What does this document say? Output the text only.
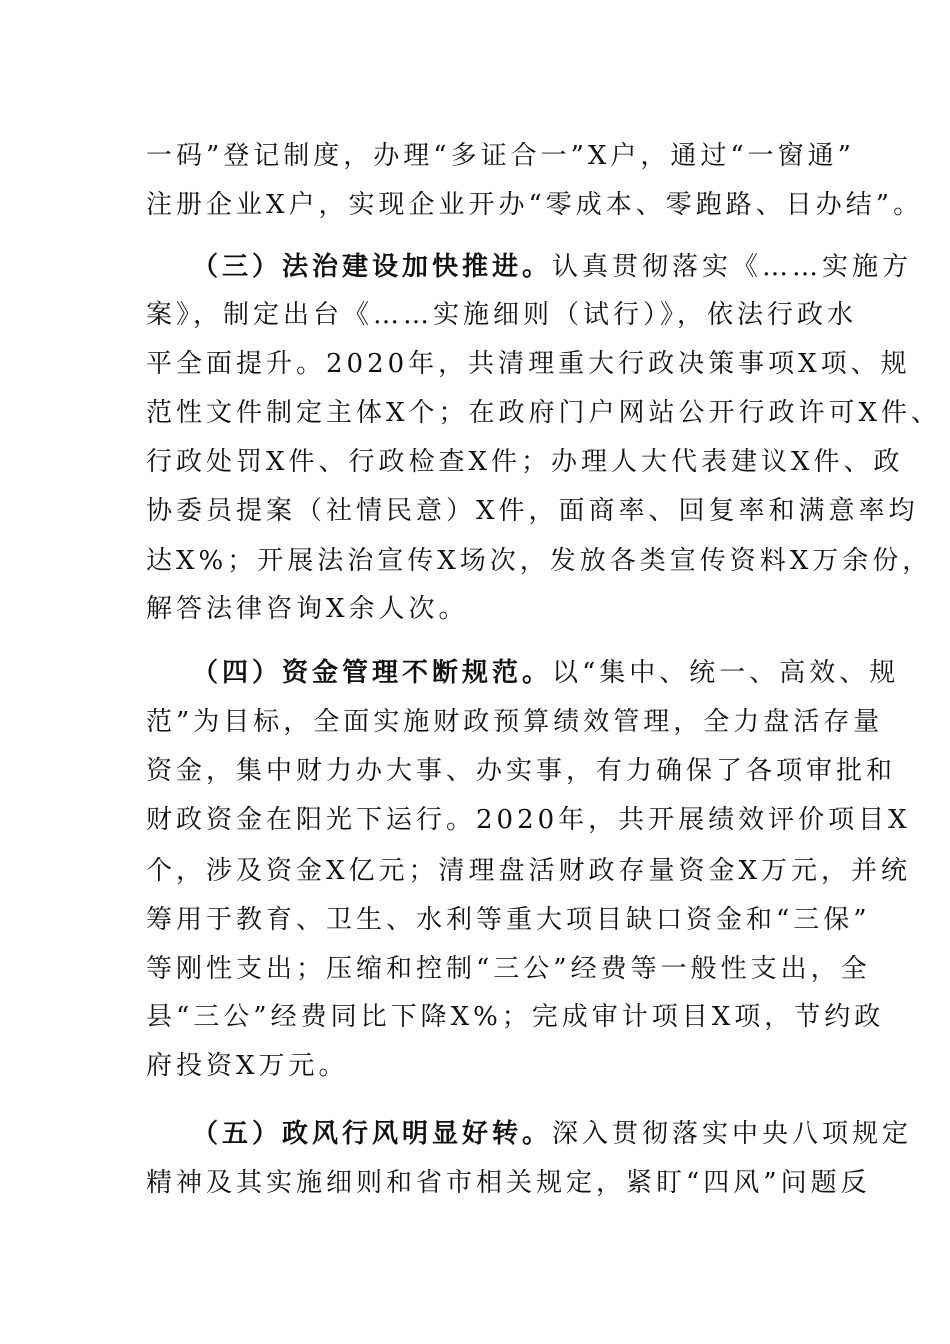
一码”登记制度，办理“多证合一”X户，通过“一窗通”
注册企业X户，实现企业开办“零成本、零跑路、日办结”。
（三）法治建设加快推进。认真贯彻落实《……实施方
案》，制定出台《……实施细则（试行）》，依法行政水
平全面提升。2020年，共清理重大行政决策事项X项、规
范性文件制定主体X个；在政府门户网站公开行政许可X件、
行政处罚X件、行政检查X件；办理人大代表建议X件、政
协委员提案（社情民意）X件，面商率、回复率和满意率均
达X%；开展法治宣传X场次，发放各类宣传资料X万余份，
解答法律咨询X余人次。
（四）资金管理不断规范。以“集中、统一、高效、规
范”为目标，全面实施财政预算绩效管理，全力盘活存量
资金，集中财力办大事、办实事，有力确保了各项审批和
财政资金在阳光下运行。2020年，共开展绩效评价项目X
个，涉及资金X亿元；清理盘活财政存量资金X万元，并统
筹用于教育、卫生、水利等重大项目缺口资金和“三保”
等刚性支出；压缩和控制“三公”经费等一般性支出，全
县“三公”经费同比下降X%；完成审计项目X项，节约政
府投资X万元。
（五）政风行风明显好转。深入贯彻落实中央八项规定
精神及其实施细则和省市相关规定，紧盯“四风”问题反
